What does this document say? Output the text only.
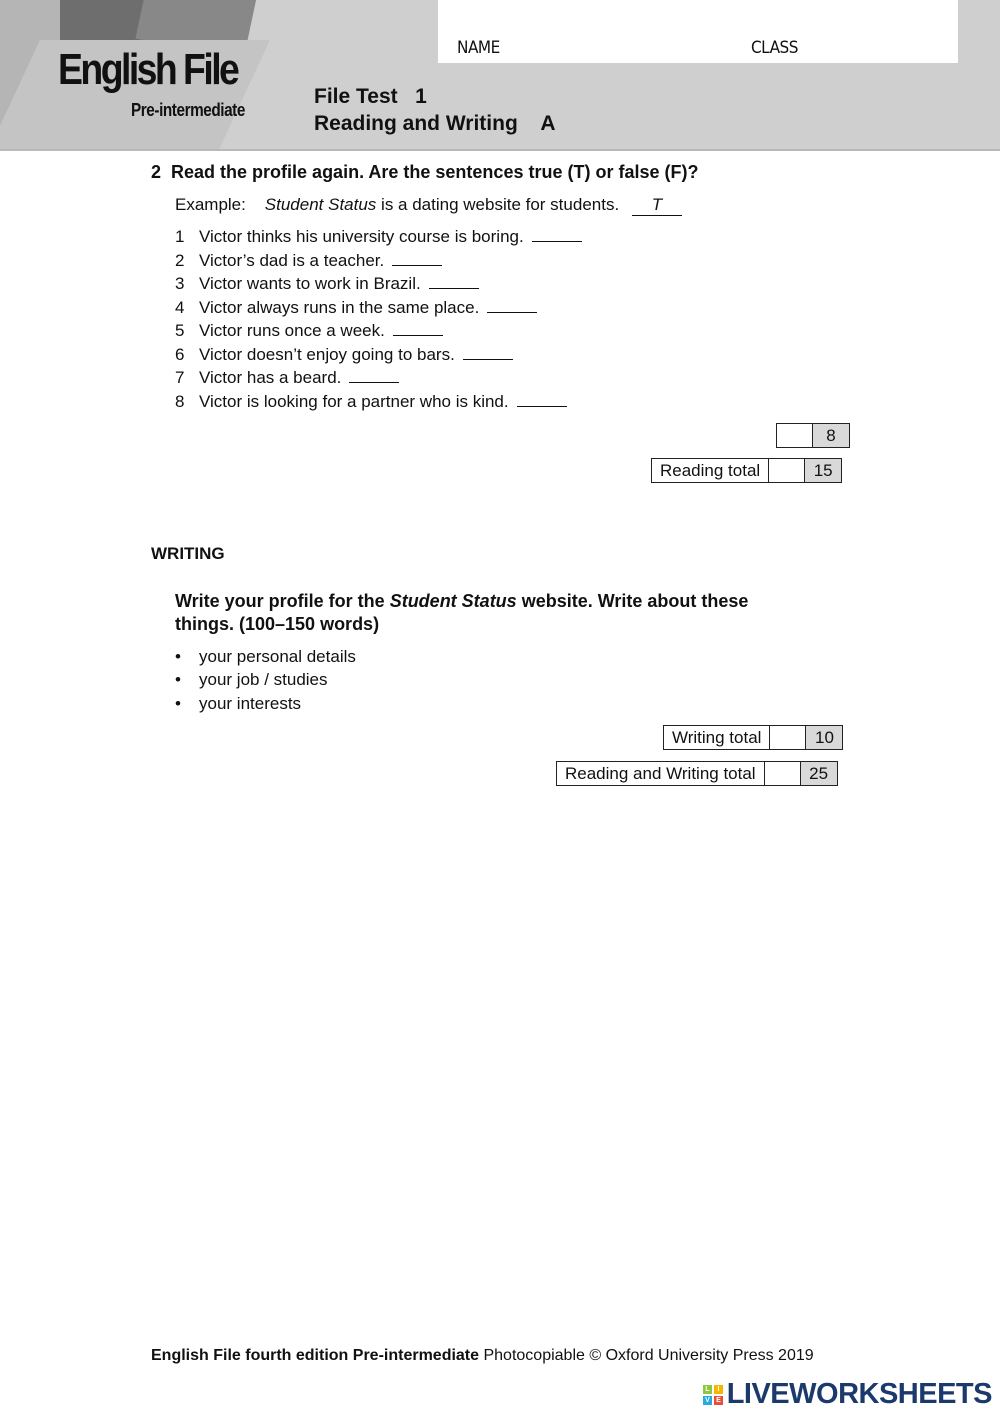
NAME	CLASS
English File
Pre-intermediate
File Test   1
Reading and Writing    A
2 Read the profile again. Are the sentences true (T) or false (F)?
Example: Student Status is a dating website for students. T
1 Victor thinks his university course is boring.
2 Victor’s dad is a teacher.
3 Victor wants to work in Brazil.
4 Victor always runs in the same place.
5 Victor runs once a week.
6 Victor doesn’t enjoy going to bars.
7 Victor has a beard.
8 Victor is looking for a partner who is kind.
8
Reading total	15
WRITING
Write your profile for the Student Status website. Write about these
things. (100–150 words)
• your personal details
• your job / studies
• your interests
Writing total	10
Reading and Writing total	25
English File fourth edition Pre-intermediate Photocopiable © Oxford University Press 2019
L	I
V E LIVEWORKSHEETS
